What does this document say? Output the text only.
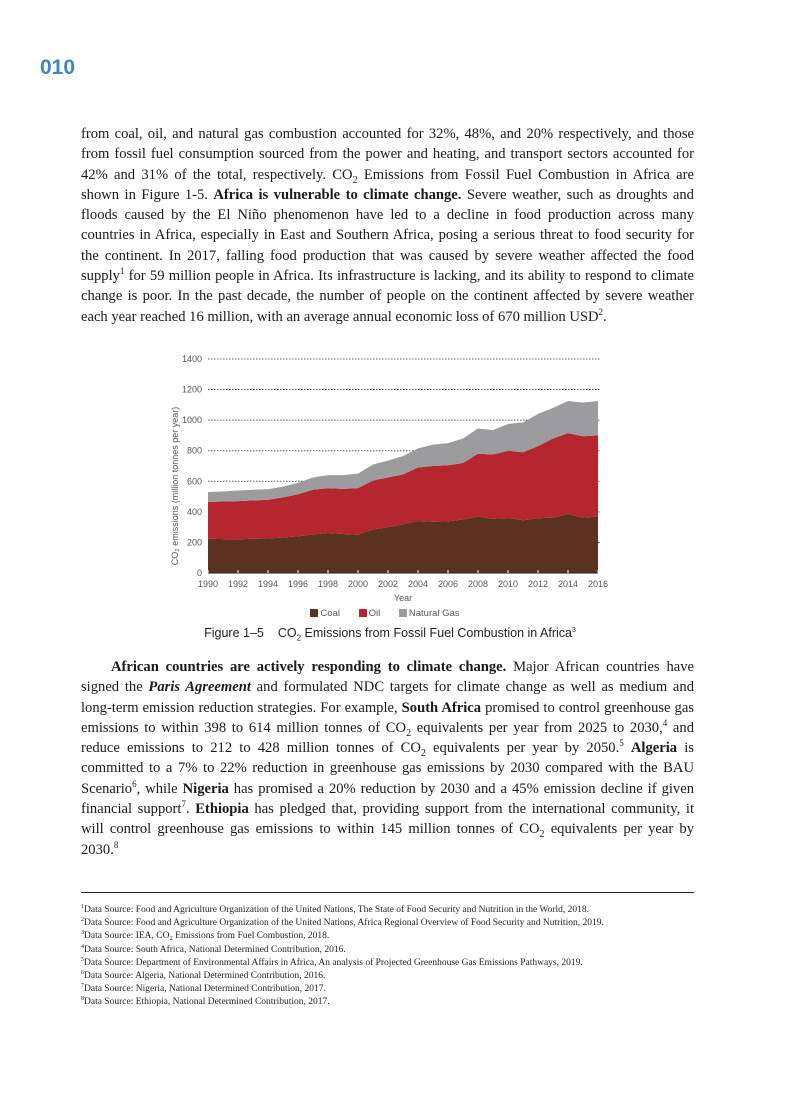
010
from coal, oil, and natural gas combustion accounted for 32%, 48%, and 20% respectively, and those from fossil fuel consumption sourced from the power and heating, and transport sectors accounted for 42% and 31% of the total, respectively. $CO_2$ Emissions from Fossil Fuel Combustion in Africa are shown in Figure 1-5. Africa is vulnerable to climate change. Severe weather, such as droughts and floods caused by the El Niño phenomenon have led to a decline in food production across many countries in Africa, especially in East and Southern Africa, posing a serious threat to food security for the continent. In 2017, falling food production that was caused by severe weather affected the food supply$^1$ for 59 million people in Africa. Its infrastructure is lacking, and its ability to respond to climate change is poor. In the past decade, the number of people on the continent affected by severe weather each year reached 16 million, with an average annual economic loss of 670 million USD$^2$.
0
200
400
600
800
1000
1200
1400
1990 1992 1994 1996 1998 2000 2002 2004 2006 2008 2010 2012 2014 2016
Year
CO₂ emissions (million tonnes per year)
Coal	Oil	Natural Gas
Figure 1–5 $CO_2$ Emissions from Fossil Fuel Combustion in Africa$^3$
African countries are actively responding to climate change. Major African countries have signed the Paris Agreement and formulated NDC targets for climate change as well as medium and long-term emission reduction strategies. For example, South Africa promised to control greenhouse gas emissions to within 398 to 614 million tonnes of $CO_2$ equivalents per year from 2025 to 2030,$^4$ and reduce emissions to 212 to 428 million tonnes of $CO_2$ equivalents per year by 2050.$^5$ Algeria is committed to a 7% to 22% reduction in greenhouse gas emissions by 2030 compared with the BAU Scenario$^6$, while Nigeria has promised a 20% reduction by 2030 and a 45% emission decline if given financial support$^7$. Ethiopia has pledged that, providing support from the international community, it will control greenhouse gas emissions to within 145 million tonnes of $CO_2$ equivalents per year by 2030.$^8$
$^1$Data Source: Food and Agriculture Organization of the United Nations, The State of Food Security and Nutrition in the World, 2018.
$^2$Data Source: Food and Agriculture Organization of the United Nations, Africa Regional Overview of Food Security and Nutrition, 2019.
$^3$Data Source: IEA, CO₂ Emissions from Fuel Combustion, 2018.
$^4$Data Source: South Africa, National Determined Contribution, 2016.
$^5$Data Source: Department of Environmental Affairs in Africa, An analysis of Projected Greenhouse Gas Emissions Pathways, 2019.
$^6$Data Source: Algeria, National Determined Contribution, 2016.
$^7$Data Source: Nigeria, National Determined Contribution, 2017.
$^8$Data Source: Ethiopia, National Determined Contribution, 2017.
